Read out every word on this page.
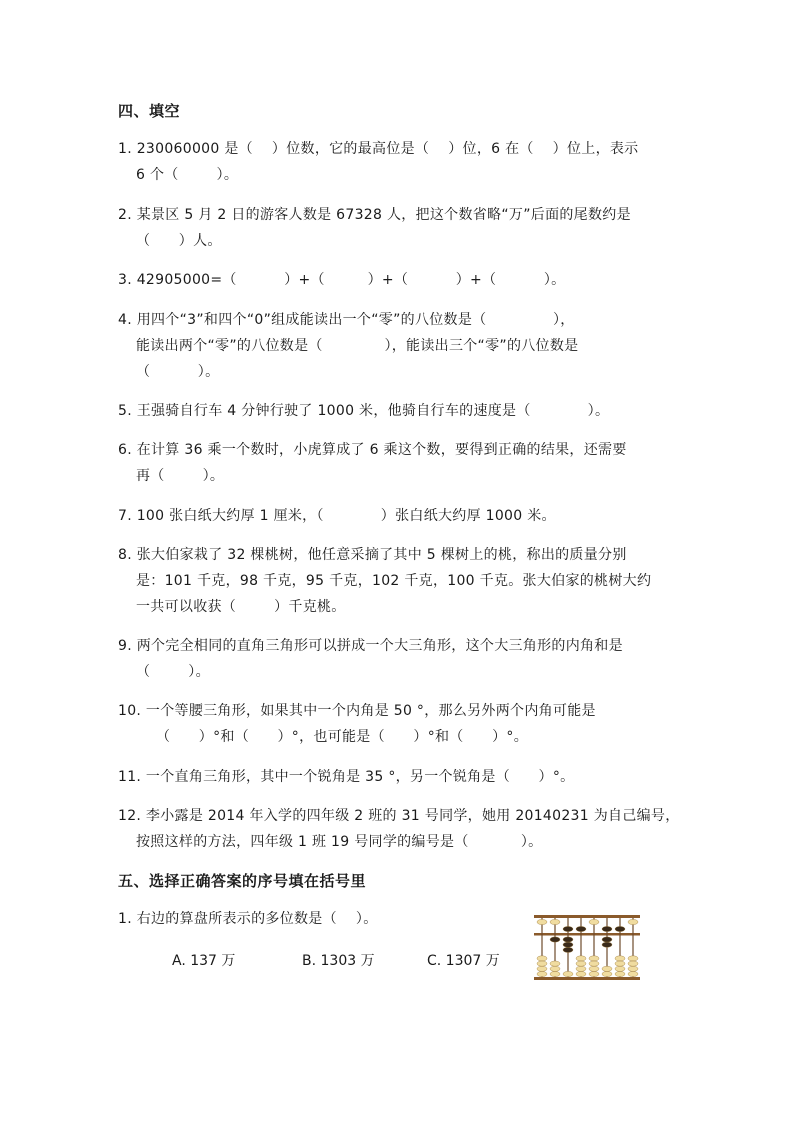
四、填空
1. 230060000 是（    ）位数，它的最高位是（    ）位，6 在（    ）位上，表示
6 个（        ）。
2. 某景区 5 月 2 日的游客人数是 67328 人，把这个数省略“万”后面的尾数约是
（      ）人。
3. 42905000=（          ）+（         ）+（          ）+（          ）。
4. 用四个“3”和四个“0”组成能读出一个“零”的八位数是（              ），
能读出两个“零”的八位数是（             ），能读出三个“零”的八位数是
（          ）。
5. 王强骑自行车 4 分钟行驶了 1000 米，他骑自行车的速度是（            ）。
6. 在计算 36 乘一个数时，小虎算成了 6 乘这个数，要得到正确的结果，还需要
再（        ）。
7. 100 张白纸大约厚 1 厘米，（            ）张白纸大约厚 1000 米。
8. 张大伯家栽了 32 棵桃树，他任意采摘了其中 5 棵树上的桃，称出的质量分别
是：101 千克，98 千克，95 千克，102 千克，100 千克。张大伯家的桃树大约
一共可以收获（        ）千克桃。
9. 两个完全相同的直角三角形可以拼成一个大三角形，这个大三角形的内角和是
（        ）。
10. 一个等腰三角形，如果其中一个内角是 50 °，那么另外两个内角可能是
（      ）°和（      ）°，也可能是（      ）°和（      ）°。
11. 一个直角三角形，其中一个锐角是 35 °，另一个锐角是（      ）°。
12. 李小露是 2014 年入学的四年级 2 班的 31 号同学，她用 20140231 为自己编号，
按照这样的方法，四年级 1 班 19 号同学的编号是（           ）。
五、选择正确答案的序号填在括号里
1. 右边的算盘所表示的多位数是（    ）。
A. 137 万	B. 1303 万	C. 1307 万
